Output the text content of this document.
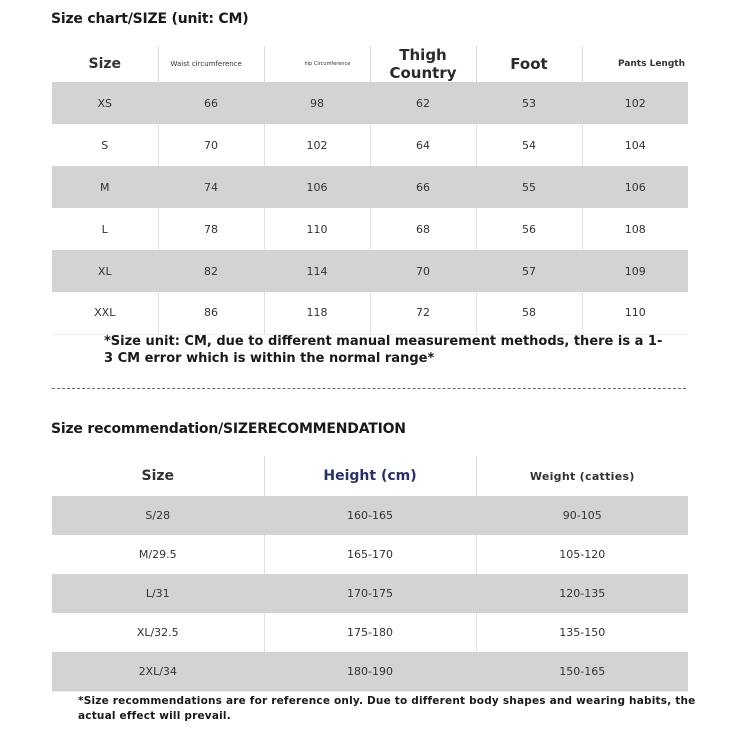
Size chart/SIZE (unit: CM)
Size	Waist circumference	hip Circumference	Thigh Country	Foot	Pants Length
XS	66	98	62	53	102
S	70	102	64	54	104
M	74	106	66	55	106
L	78	110	68	56	108
XL	82	114	70	57	109
XXL	86	118	72	58	110
*Size unit: CM, due to different manual measurement methods, there is a 1-3 CM error which is within the normal range*
Size recommendation/SIZERECOMMENDATION
Size	Height (cm)	Weight (catties)
S/28	160-165	90-105
M/29.5	165-170	105-120
L/31	170-175	120-135
XL/32.5	175-180	135-150
2XL/34	180-190	150-165
*Size recommendations are for reference only. Due to different body shapes and wearing habits, the actual effect will prevail.
